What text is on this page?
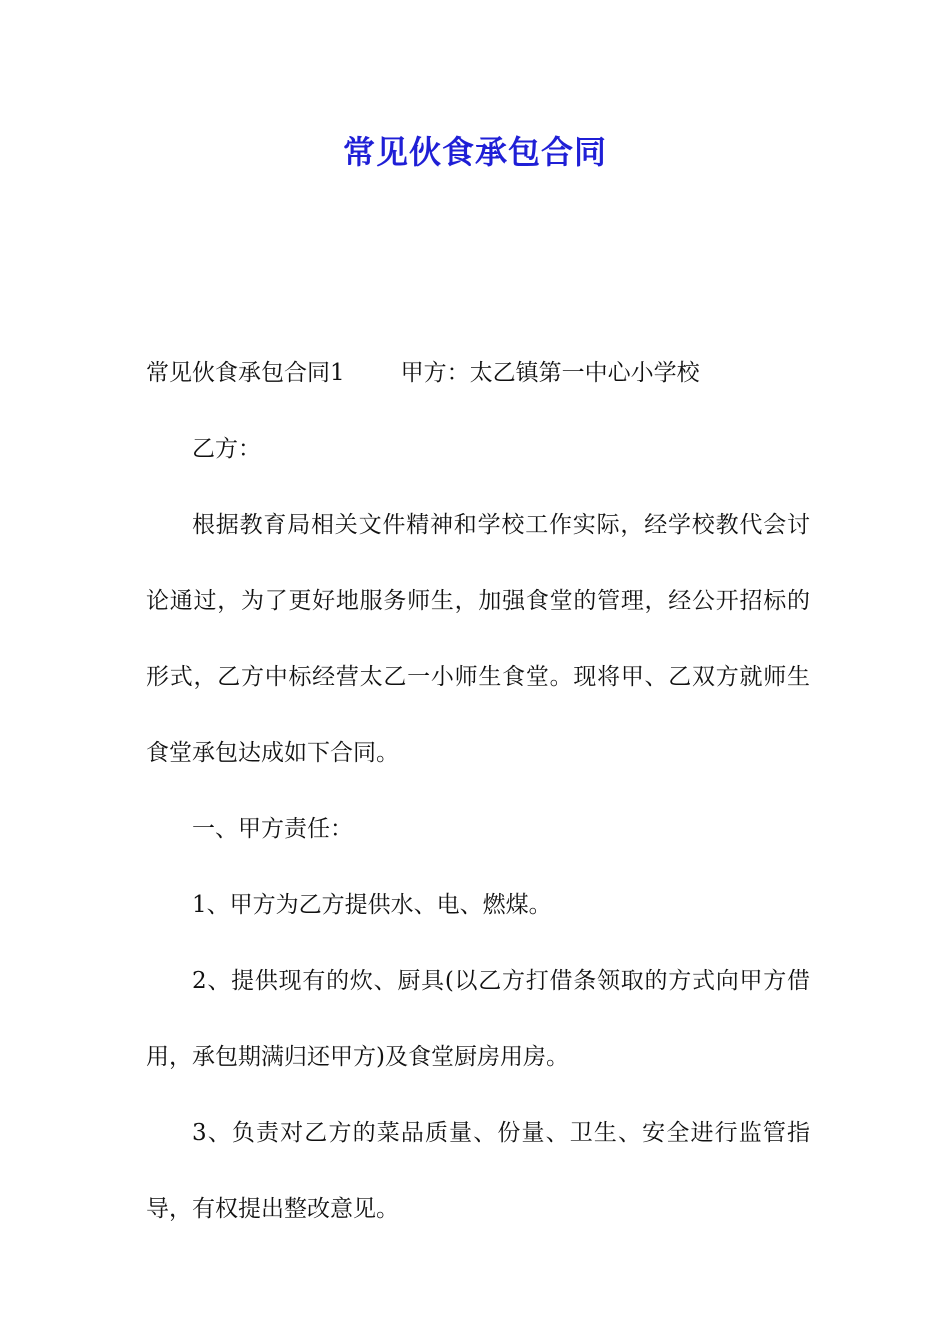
常见伙食承包合同

常见伙食承包合同1 甲方：太乙镇第一中心小学校

乙方：

根据教育局相关文件精神和学校工作实际，经学校教代会讨论通过，为了更好地服务师生，加强食堂的管理，经公开招标的形式，乙方中标经营太乙一小师生食堂。现将甲、乙双方就师生食堂承包达成如下合同。

一、甲方责任：

1、甲方为乙方提供水、电、燃煤。

2、提供现有的炊、厨具(以乙方打借条领取的方式向甲方借用，承包期满归还甲方)及食堂厨房用房。

3、负责对乙方的菜品质量、份量、卫生、安全进行监管指导，有权提出整改意见。
